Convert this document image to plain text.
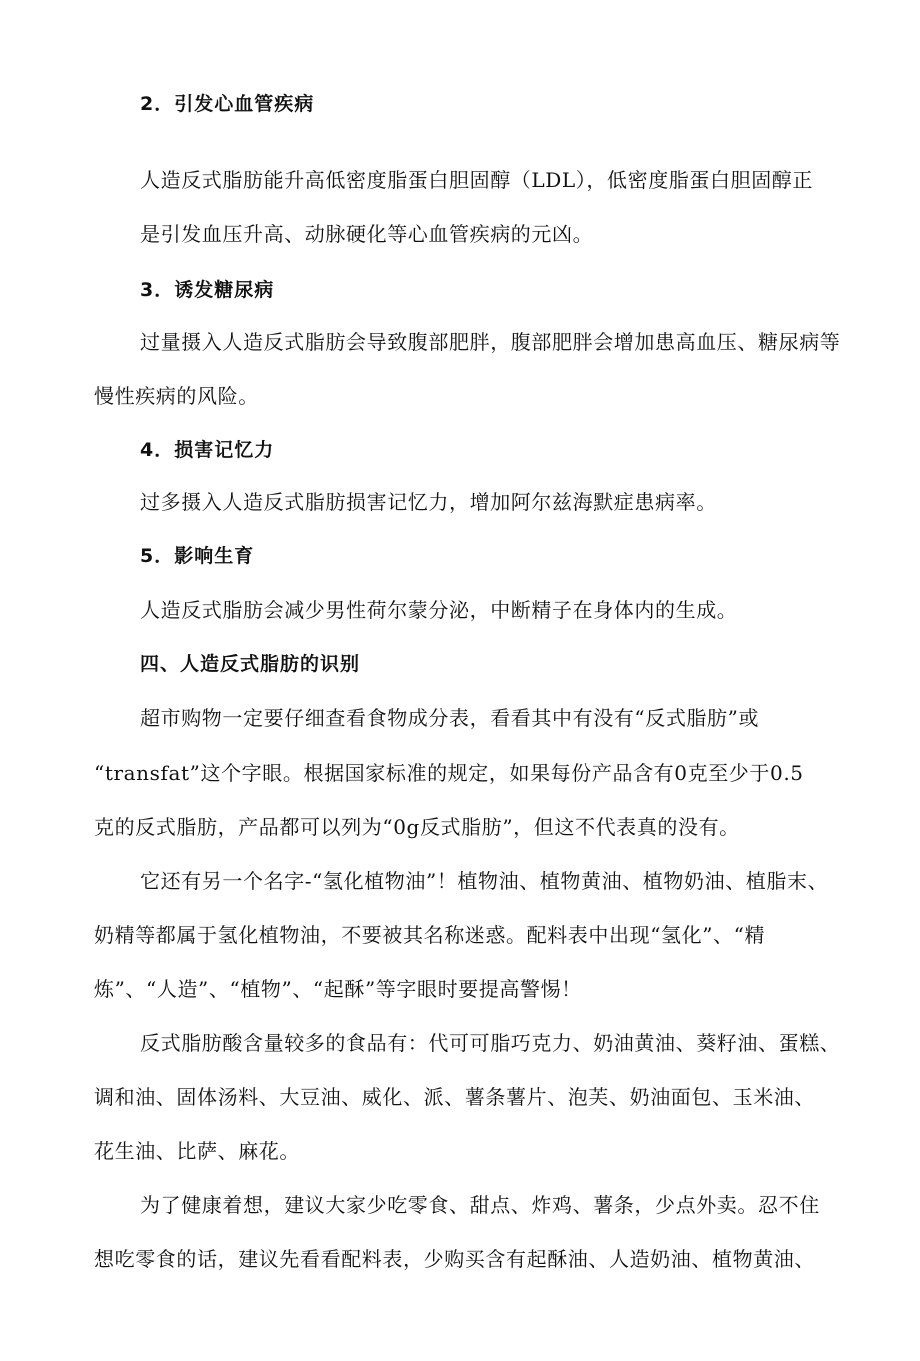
2．引发心血管疾病
人造反式脂肪能升高低密度脂蛋白胆固醇（LDL），低密度脂蛋白胆固醇正
是引发血压升高、动脉硬化等心血管疾病的元凶。
3．诱发糖尿病
过量摄入人造反式脂肪会导致腹部肥胖，腹部肥胖会增加患高血压、糖尿病等
慢性疾病的风险。
4．损害记忆力
过多摄入人造反式脂肪损害记忆力，增加阿尔兹海默症患病率。
5．影响生育
人造反式脂肪会减少男性荷尔蒙分泌，中断精子在身体内的生成。
四、人造反式脂肪的识别
超市购物一定要仔细查看食物成分表，看看其中有没有“反式脂肪”或
“transfat”这个字眼。根据国家标准的规定，如果每份产品含有0克至少于0.5
克的反式脂肪，产品都可以列为“0g反式脂肪”，但这不代表真的没有。
它还有另一个名字-“氢化植物油”！植物油、植物黄油、植物奶油、植脂末、
奶精等都属于氢化植物油，不要被其名称迷惑。配料表中出现“氢化”、“精
炼”、“人造”、“植物”、“起酥”等字眼时要提高警惕！
反式脂肪酸含量较多的食品有：代可可脂巧克力、奶油黄油、葵籽油、蛋糕、
调和油、固体汤料、大豆油、威化、派、薯条薯片、泡芙、奶油面包、玉米油、
花生油、比萨、麻花。
为了健康着想，建议大家少吃零食、甜点、炸鸡、薯条，少点外卖。忍不住
想吃零食的话，建议先看看配料表，少购买含有起酥油、人造奶油、植物黄油、
